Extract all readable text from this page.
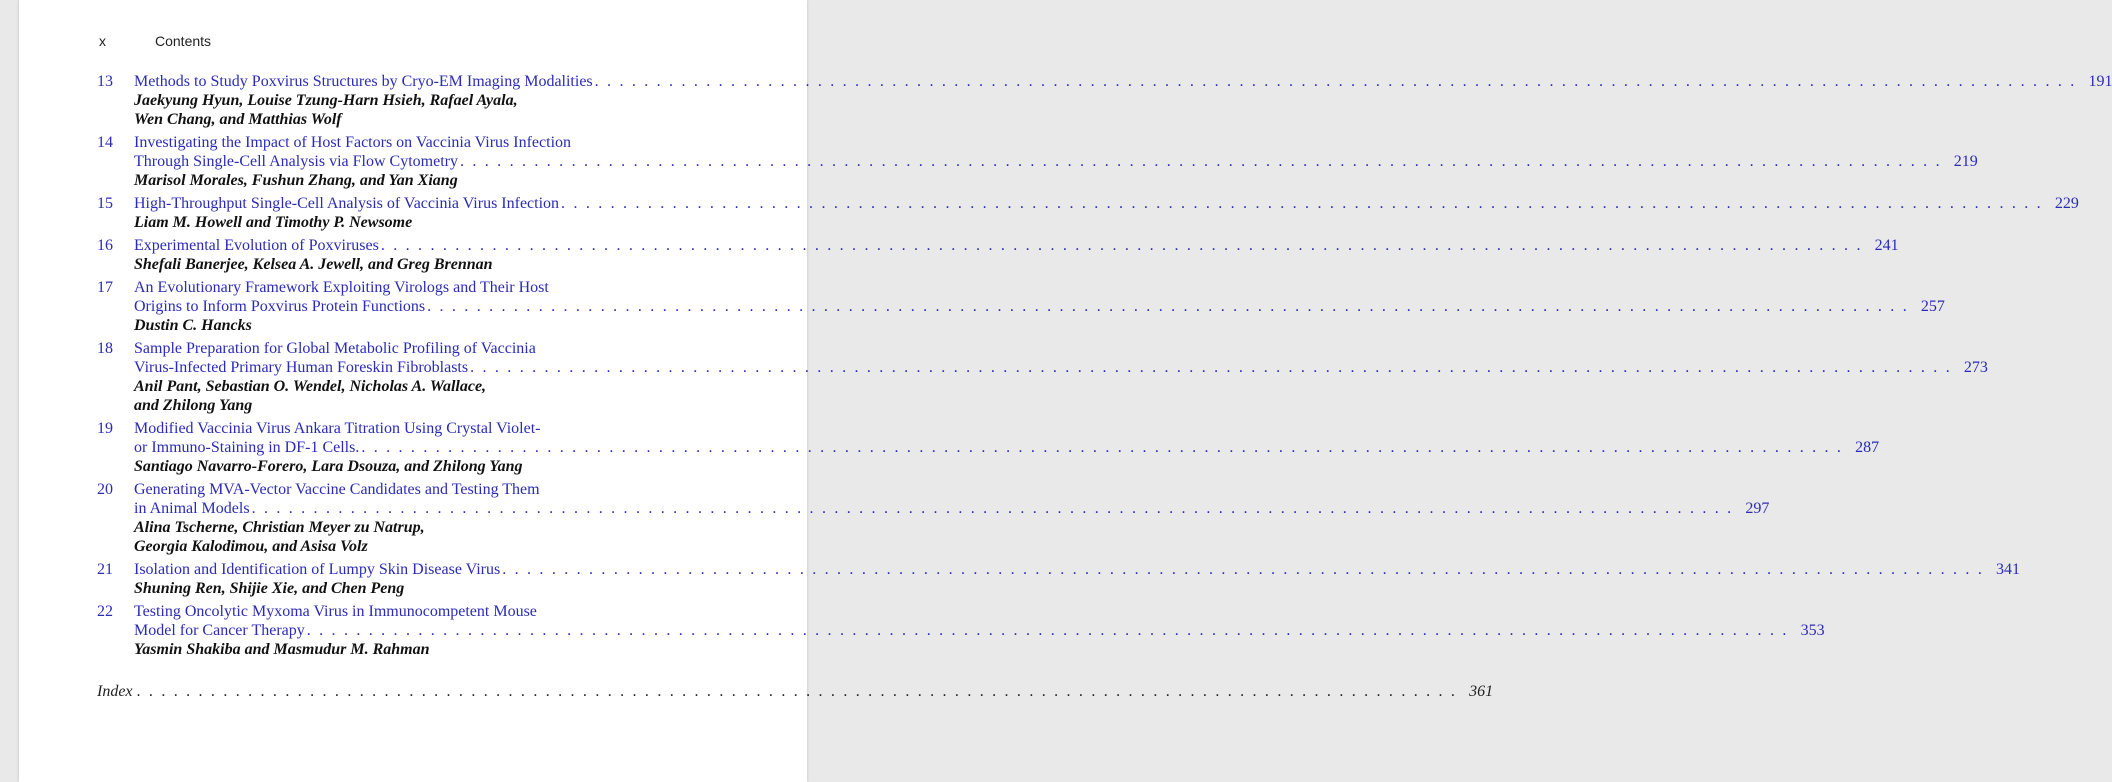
x	Contents
13 Methods to Study Poxvirus Structures by Cryo-EM Imaging Modalities . . . . . . . . . . . . . . . . . . . . . . . . . . . . . . . . . . . . . . . . . . . . . . . . . . . . . . . . . . . . . . . . . . . . . . . . . . . . . . . . . . . . . . . . . . . . . . . . . . . . . . . . . . . . . . . . . . . . . . . . 191
Jaekyung Hyun, Louise Tzung-Harn Hsieh, Rafael Ayala,
Wen Chang, and Matthias Wolf
14 Investigating the Impact of Host Factors on Vaccinia Virus Infection
Through Single-Cell Analysis via Flow Cytometry . . . . . . . . . . . . . . . . . . . . . . . . . . . . . . . . . . . . . . . . . . . . . . . . . . . . . . . . . . . . . . . . . . . . . . . . . . . . . . . . . . . . . . . . . . . . . . . . . . . . . . . . . . . . . . . . . . . . . . . . 219
Marisol Morales, Fushun Zhang, and Yan Xiang
15 High-Throughput Single-Cell Analysis of Vaccinia Virus Infection . . . . . . . . . . . . . . . . . . . . . . . . . . . . . . . . . . . . . . . . . . . . . . . . . . . . . . . . . . . . . . . . . . . . . . . . . . . . . . . . . . . . . . . . . . . . . . . . . . . . . . . . . . . . . . . . . . . . . . . . 229
Liam M. Howell and Timothy P. Newsome
16 Experimental Evolution of Poxviruses . . . . . . . . . . . . . . . . . . . . . . . . . . . . . . . . . . . . . . . . . . . . . . . . . . . . . . . . . . . . . . . . . . . . . . . . . . . . . . . . . . . . . . . . . . . . . . . . . . . . . . . . . . . . . . . . . . . . . . . . 241
Shefali Banerjee, Kelsea A. Jewell, and Greg Brennan
17 An Evolutionary Framework Exploiting Virologs and Their Host
Origins to Inform Poxvirus Protein Functions . . . . . . . . . . . . . . . . . . . . . . . . . . . . . . . . . . . . . . . . . . . . . . . . . . . . . . . . . . . . . . . . . . . . . . . . . . . . . . . . . . . . . . . . . . . . . . . . . . . . . . . . . . . . . . . . . . . . . . . . 257
Dustin C. Hancks
18 Sample Preparation for Global Metabolic Profiling of Vaccinia
Virus-Infected Primary Human Foreskin Fibroblasts . . . . . . . . . . . . . . . . . . . . . . . . . . . . . . . . . . . . . . . . . . . . . . . . . . . . . . . . . . . . . . . . . . . . . . . . . . . . . . . . . . . . . . . . . . . . . . . . . . . . . . . . . . . . . . . . . . . . . . . . 273
Anil Pant, Sebastian O. Wendel, Nicholas A. Wallace,
and Zhilong Yang
19 Modified Vaccinia Virus Ankara Titration Using Crystal Violet-
or Immuno-Staining in DF-1 Cells. . . . . . . . . . . . . . . . . . . . . . . . . . . . . . . . . . . . . . . . . . . . . . . . . . . . . . . . . . . . . . . . . . . . . . . . . . . . . . . . . . . . . . . . . . . . . . . . . . . . . . . . . . . . . . . . . . . . . . . . . 287
Santiago Navarro-Forero, Lara Dsouza, and Zhilong Yang
20 Generating MVA-Vector Vaccine Candidates and Testing Them
in Animal Models . . . . . . . . . . . . . . . . . . . . . . . . . . . . . . . . . . . . . . . . . . . . . . . . . . . . . . . . . . . . . . . . . . . . . . . . . . . . . . . . . . . . . . . . . . . . . . . . . . . . . . . . . . . . . . . . . . . . . . . . 297
Alina Tscherne, Christian Meyer zu Natrup,
Georgia Kalodimou, and Asisa Volz
21 Isolation and Identification of Lumpy Skin Disease Virus . . . . . . . . . . . . . . . . . . . . . . . . . . . . . . . . . . . . . . . . . . . . . . . . . . . . . . . . . . . . . . . . . . . . . . . . . . . . . . . . . . . . . . . . . . . . . . . . . . . . . . . . . . . . . . . . . . . . . . . . 341
Shuning Ren, Shijie Xie, and Chen Peng
22 Testing Oncolytic Myxoma Virus in Immunocompetent Mouse
Model for Cancer Therapy . . . . . . . . . . . . . . . . . . . . . . . . . . . . . . . . . . . . . . . . . . . . . . . . . . . . . . . . . . . . . . . . . . . . . . . . . . . . . . . . . . . . . . . . . . . . . . . . . . . . . . . . . . . . . . . . . . . . . . . . 353
Yasmin Shakiba and Masmudur M. Rahman
Index . . . . . . . . . . . . . . . . . . . . . . . . . . . . . . . . . . . . . . . . . . . . . . . . . . . . . . . . . . . . . . . . . . . . . . . . . . . . . . . . . . . . . . . . . . . . . . . . . . . . . . . . . . . 361
